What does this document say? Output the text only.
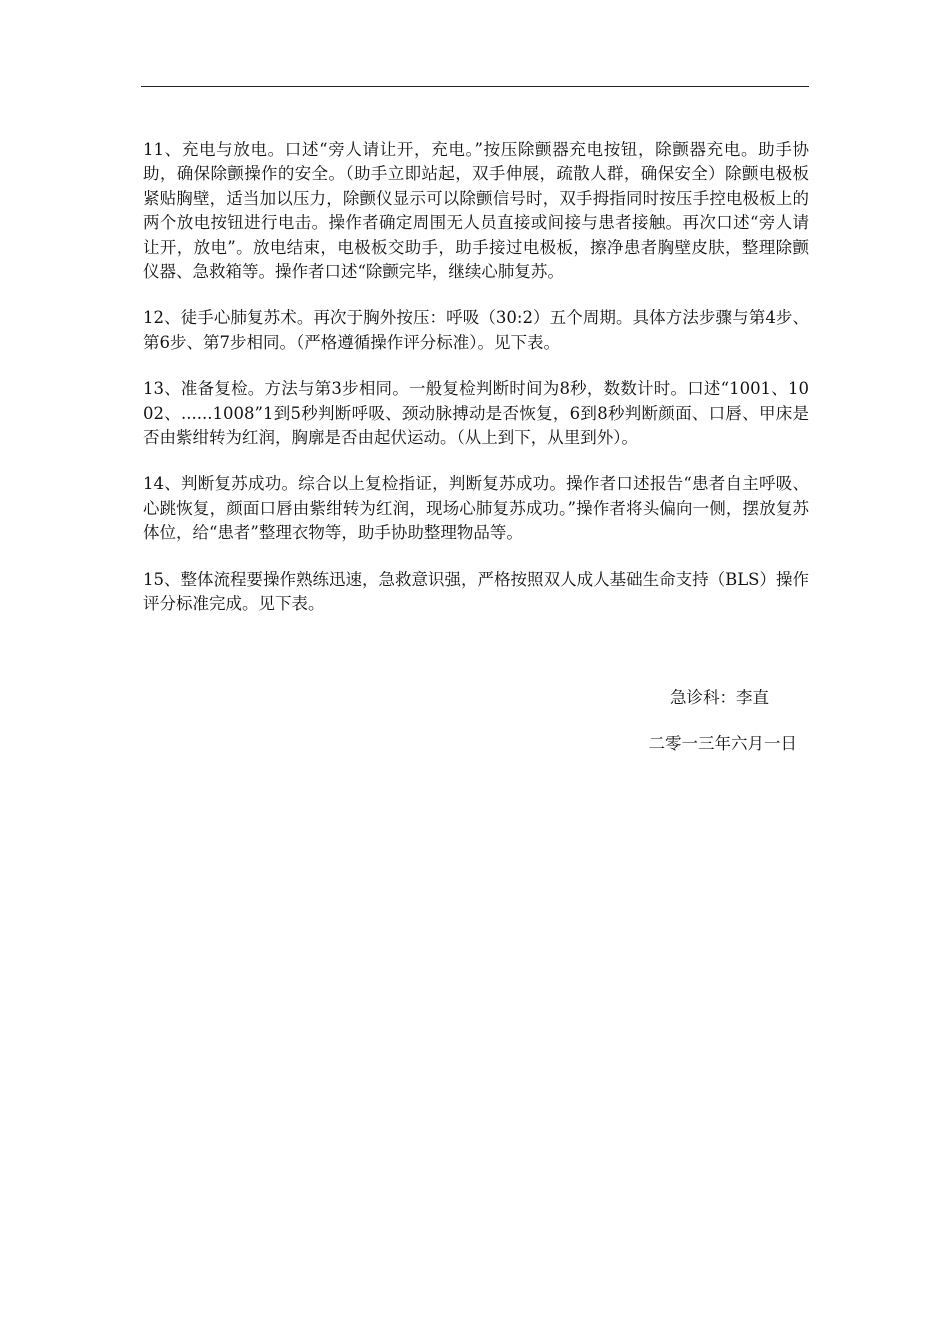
11、充电与放电。口述“旁人请让开，充电。”按压除颤器充电按钮，除颤器充电。助手协助，确保除颤操作的安全。（助手立即站起，双手伸展，疏散人群，确保安全）除颤电极板紧贴胸壁，适当加以压力，除颤仪显示可以除颤信号时，双手拇指同时按压手控电极板上的两个放电按钮进行电击。操作者确定周围无人员直接或间接与患者接触。再次口述“旁人请让开，放电”。放电结束，电极板交助手，助手接过电极板，擦净患者胸壁皮肤，整理除颤仪器、急救箱等。操作者口述“除颤完毕，继续心肺复苏。

12、徒手心肺复苏术。再次于胸外按压：呼吸（30:2）五个周期。具体方法步骤与第4步、第6步、第7步相同。（严格遵循操作评分标准）。见下表。

13、准备复检。方法与第3步相同。一般复检判断时间为8秒，数数计时。口述“1001、1002、......1008”1到5秒判断呼吸、颈动脉搏动是否恢复，6到8秒判断颜面、口唇、甲床是否由紫绀转为红润，胸廓是否由起伏运动。（从上到下，从里到外）。

14、判断复苏成功。综合以上复检指证，判断复苏成功。操作者口述报告“患者自主呼吸、心跳恢复，颜面口唇由紫绀转为红润，现场心肺复苏成功。”操作者将头偏向一侧，摆放复苏体位，给“患者”整理衣物等，助手协助整理物品等。

15、整体流程要操作熟练迅速，急救意识强，严格按照双人成人基础生命支持（BLS）操作评分标准完成。见下表。

急诊科：李直
二零一三年六月一日
